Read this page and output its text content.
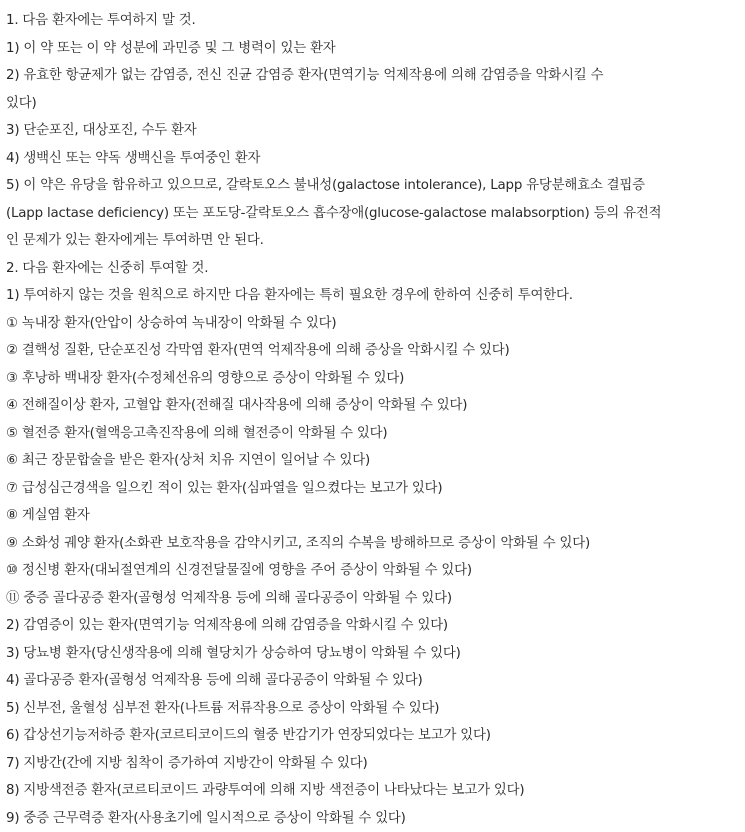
1. 다음 환자에는 투여하지 말 것.
1) 이 약 또는 이 약 성분에 과민증 및 그 병력이 있는 환자
2) 유효한 항균제가 없는 감염증, 전신 진균 감염증 환자(면역기능 억제작용에 의해 감염증을 악화시킬 수
있다)
3) 단순포진, 대상포진, 수두 환자
4) 생백신 또는 약독 생백신을 투여중인 환자
5) 이 약은 유당을 함유하고 있으므로, 갈락토오스 불내성(galactose intolerance), Lapp 유당분해효소 결핍증
(Lapp lactase deficiency) 또는 포도당-갈락토오스 흡수장애(glucose-galactose malabsorption) 등의 유전적
인 문제가 있는 환자에게는 투여하면 안 된다.
2. 다음 환자에는 신중히 투여할 것.
1) 투여하지 않는 것을 원칙으로 하지만 다음 환자에는 특히 필요한 경우에 한하여 신중히 투여한다.
① 녹내장 환자(안압이 상승하여 녹내장이 악화될 수 있다)
② 결핵성 질환, 단순포진성 각막염 환자(면역 억제작용에 의해 증상을 악화시킬 수 있다)
③ 후낭하 백내장 환자(수정체선유의 영향으로 증상이 악화될 수 있다)
④ 전해질이상 환자, 고혈압 환자(전해질 대사작용에 의해 증상이 악화될 수 있다)
⑤ 혈전증 환자(혈액응고촉진작용에 의해 혈전증이 악화될 수 있다)
⑥ 최근 장문합술을 받은 환자(상처 치유 지연이 일어날 수 있다)
⑦ 급성심근경색을 일으킨 적이 있는 환자(심파열을 일으켰다는 보고가 있다)
⑧ 게실염 환자
⑨ 소화성 궤양 환자(소화관 보호작용을 감약시키고, 조직의 수복을 방해하므로 증상이 악화될 수 있다)
⑩ 정신병 환자(대뇌절연계의 신경전달물질에 영향을 주어 증상이 악화될 수 있다)
⑪ 중증 골다공증 환자(골형성 억제작용 등에 의해 골다공증이 악화될 수 있다)
2) 감염증이 있는 환자(면역기능 억제작용에 의해 감염증을 악화시킬 수 있다)
3) 당뇨병 환자(당신생작용에 의해 혈당치가 상승하여 당뇨병이 악화될 수 있다)
4) 골다공증 환자(골형성 억제작용 등에 의해 골다공증이 악화될 수 있다)
5) 신부전, 울혈성 심부전 환자(나트륨 저류작용으로 증상이 악화될 수 있다)
6) 갑상선기능저하증 환자(코르티코이드의 혈중 반감기가 연장되었다는 보고가 있다)
7) 지방간(간에 지방 침착이 증가하여 지방간이 악화될 수 있다)
8) 지방색전증 환자(코르티코이드 과량투여에 의해 지방 색전증이 나타났다는 보고가 있다)
9) 중증 근무력증 환자(사용초기에 일시적으로 증상이 악화될 수 있다)
